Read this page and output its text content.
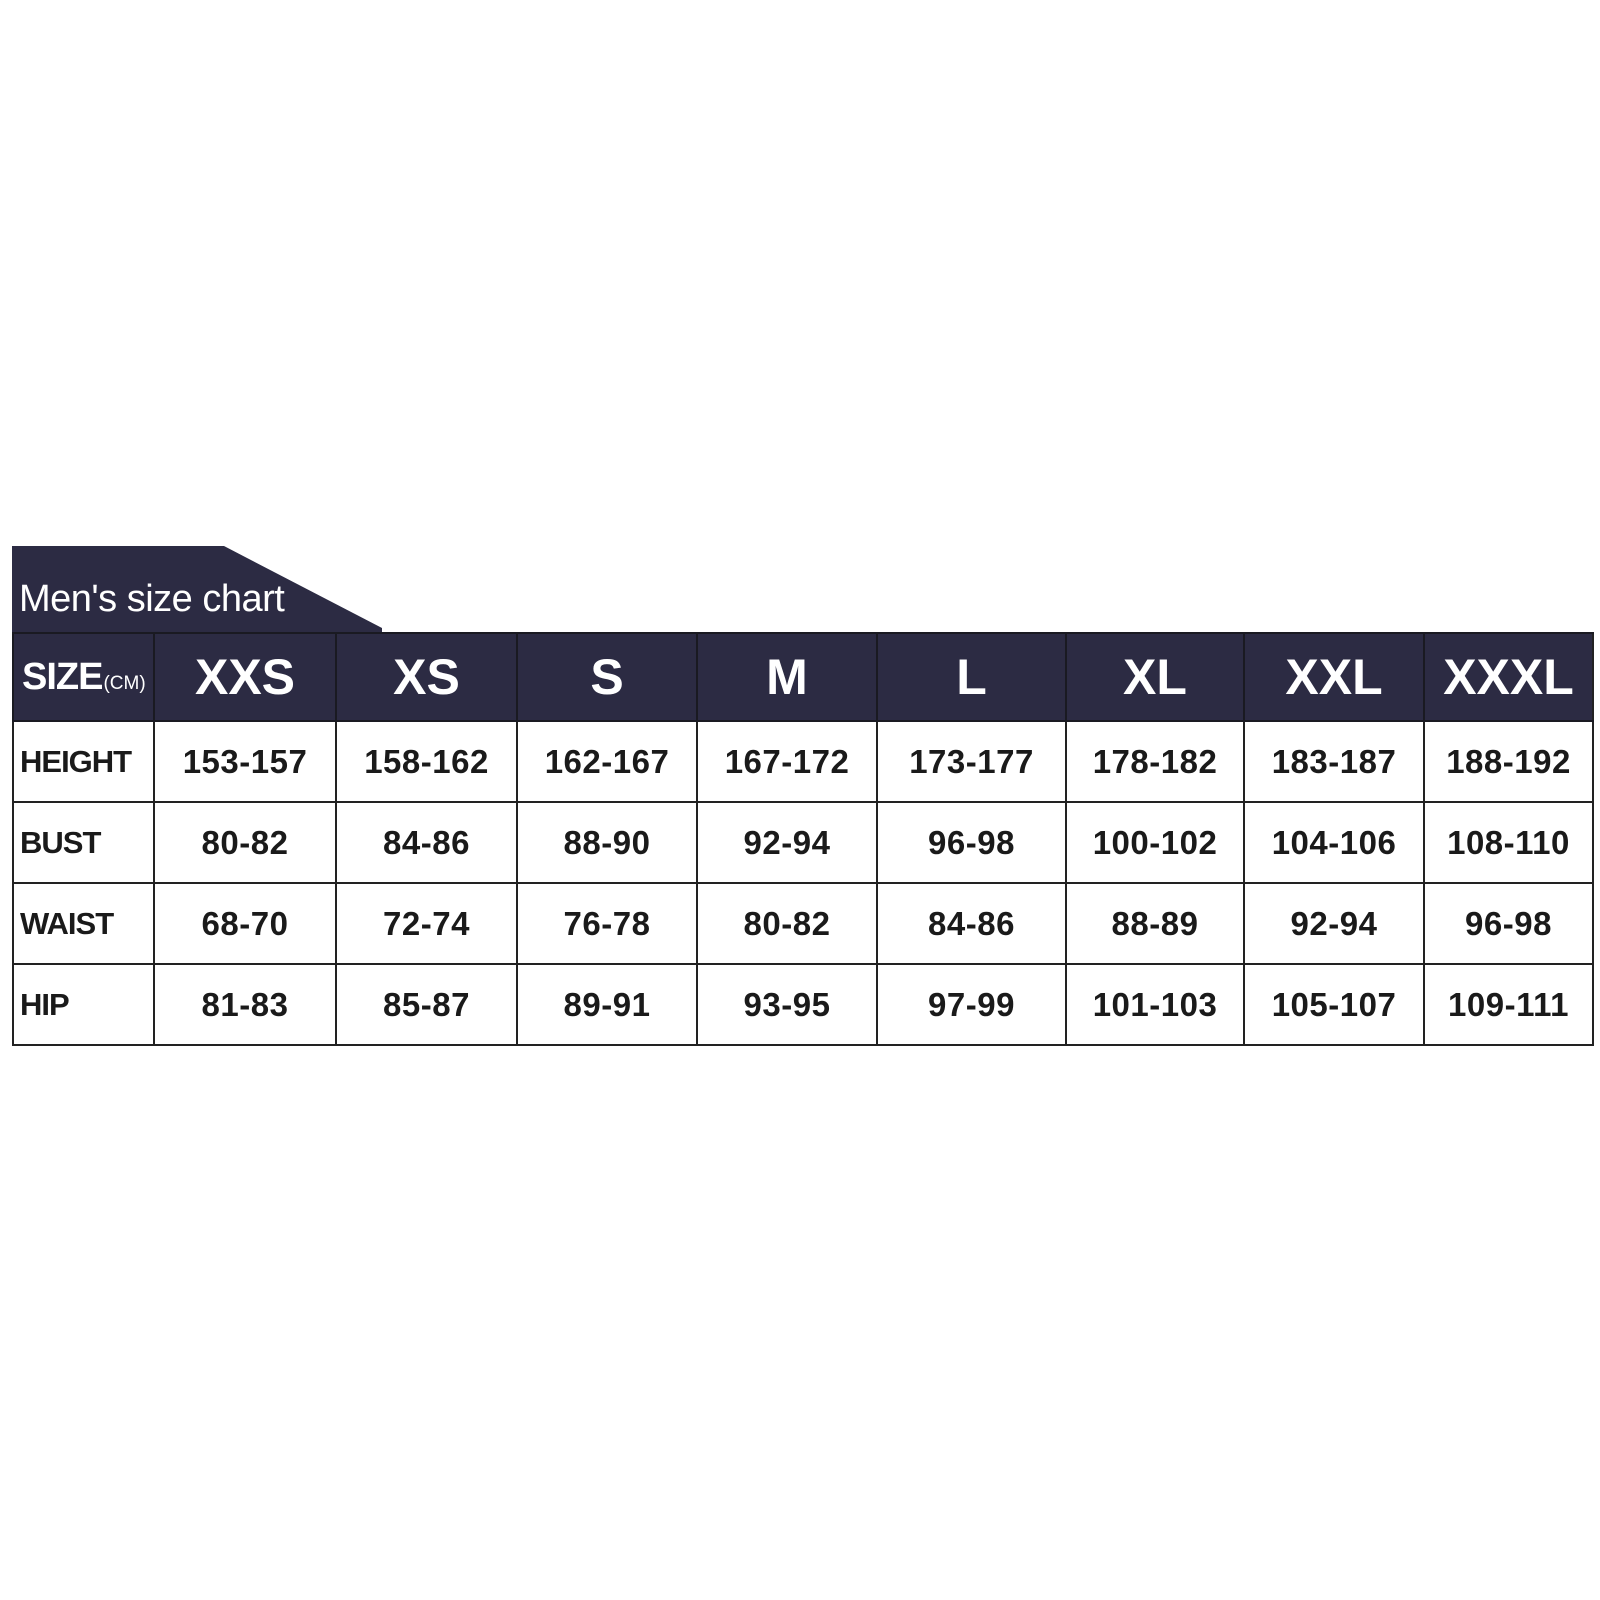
Men's size chart
SIZE(CM)	XXS	XS	S	M	L	XL	XXL	XXXL
HEIGHT	153-157	158-162	162-167	167-172	173-177	178-182	183-187	188-192
BUST	80-82	84-86	88-90	92-94	96-98	100-102	104-106	108-110
WAIST	68-70	72-74	76-78	80-82	84-86	88-89	92-94	96-98
HIP	81-83	85-87	89-91	93-95	97-99	101-103	105-107	109-111
